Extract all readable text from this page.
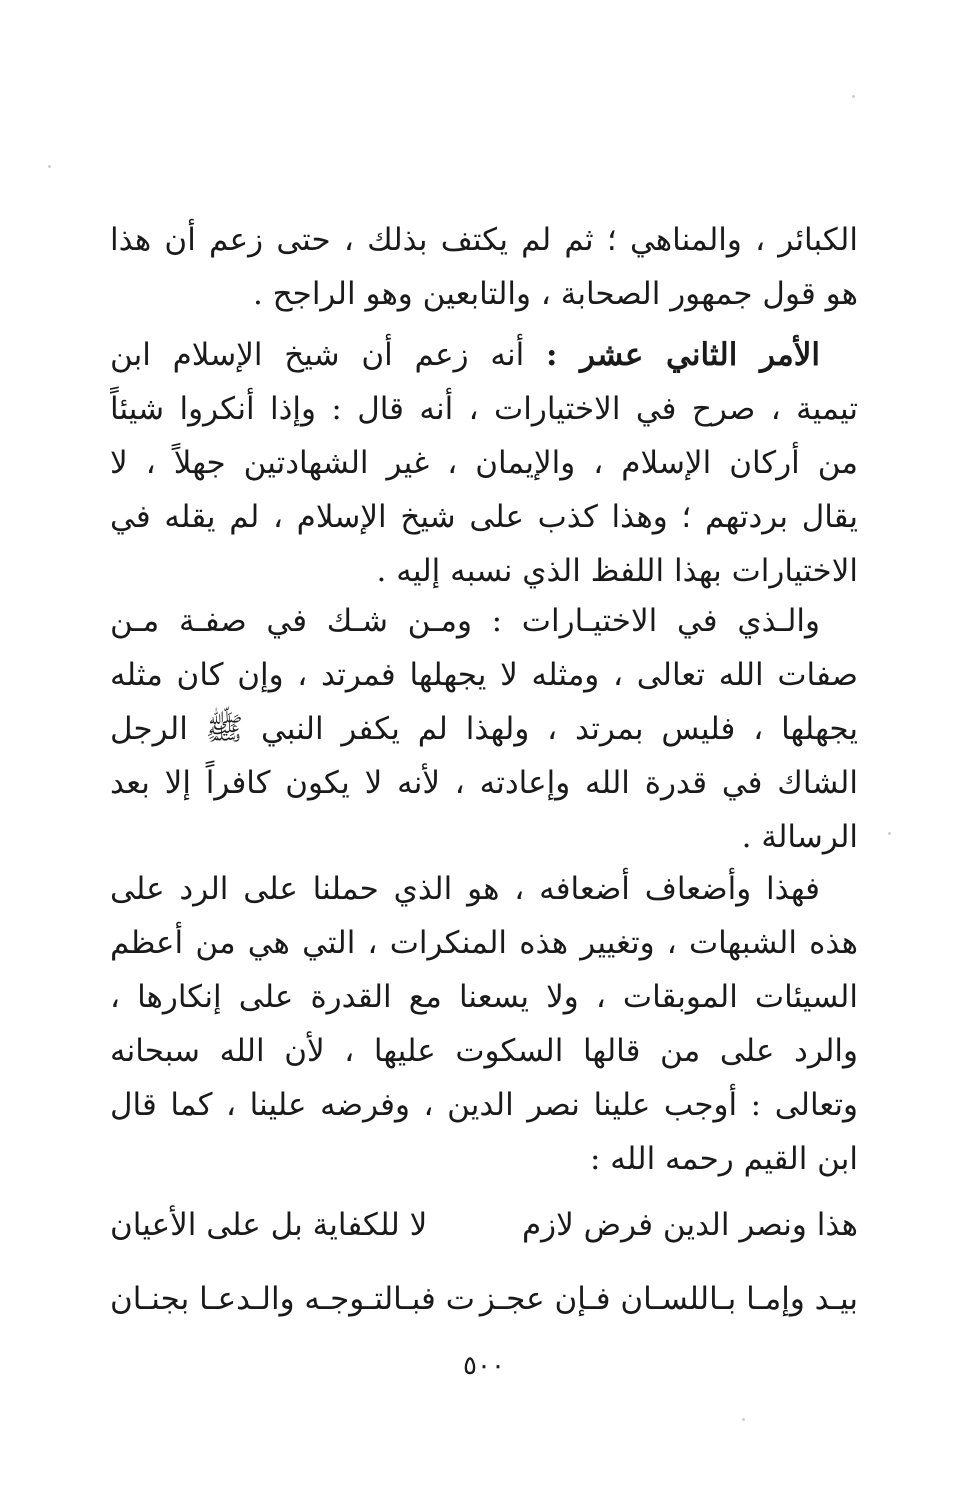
الكبائر ، والمناهي ؛ ثم لم يكتف بذلك ، حتى زعم أن هذا
هو قول جمهور الصحابة ، والتابعين وهو الراجح .
الأمر الثاني عشر : أنه زعم أن شيخ الإسلام ابن
تيمية ، صرح في الاختيارات ، أنه قال : وإذا أنكروا شيئاً
من أركان الإسلام ، والإيمان ، غير الشهادتين جهلاً ، لا
يقال بردتهم ؛ وهذا كذب على شيخ الإسلام ، لم يقله في
الاختيارات بهذا اللفظ الذي نسبه إليه .
والـذي في الاختيـارات : ومـن شـك في صفـة مـن
صفات الله تعالى ، ومثله لا يجهلها فمرتد ، وإن كان مثله
يجهلها ، فليس بمرتد ، ولهذا لم يكفر النبي ﷺ الرجل
الشاك في قدرة الله وإعادته ، لأنه لا يكون كافراً إلا بعد
الرسالة .
فهذا وأضعاف أضعافه ، هو الذي حملنا على الرد على
هذه الشبهات ، وتغيير هذه المنكرات ، التي هي من أعظم
السيئات الموبقات ، ولا يسعنا مع القدرة على إنكارها ،
والرد على من قالها السكوت عليها ، لأن الله سبحانه
وتعالى : أوجب علينا نصر الدين ، وفرضه علينا ، كما قال
ابن القيم رحمه الله :
هذا ونصر الدين فرض لازم
لا للكفاية بل على الأعيان
بيـد وإمـا بـاللسـان فـإن عجـز
ت فبـالتـوجـه والـدعـا بجنـان
٥٠٠
